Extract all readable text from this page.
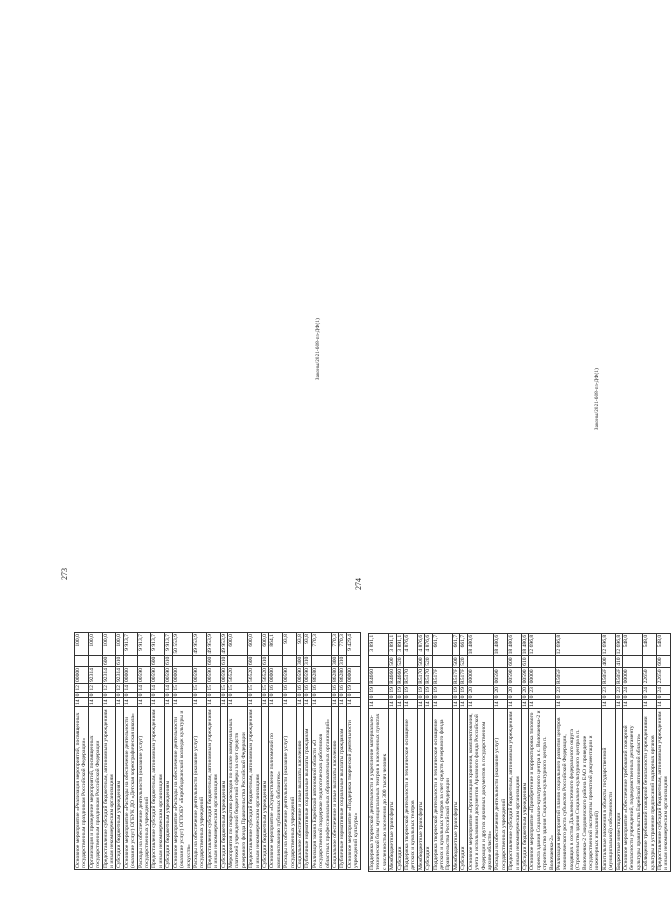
273
Основное мероприятие «Реализация мероприятий, посвященных государственным праздникам Российской Федерации»	14	0	12	00000		100,0
Организация и проведение мероприятий, посвященных государственным праздникам Российской Федерации	14	0	12	92314		100,0
Предоставление субсидий бюджетным, автономным учреждениям и иным некоммерческим организациям	14	0	12	92314	600	100,0
Субсидии бюджетным учреждениям	14	0	12	92314	610	100,0
Основное мероприятие «Расходы на обеспечение деятельности (оказание услуг) ОГБУК ДО «Детская хореографическая школа»	14	0	14	00000		9 913,7
Расходы на обеспечение деятельности (оказание услуг) государственных учреждений	14	0	14	00590		9 913,7
Предоставление субсидий бюджетным, автономным учреждениям и иным некоммерческим организациям	14	0	14	00590	600	9 913,7
Субсидии бюджетным учреждениям	14	0	14	00590	610	9 913,7
Основное мероприятие «Расходы на обеспечение деятельности (оказание услуг) ОГПОБУ «Биробиджанский колледж культуры и искусств»	14	0	15	00000		50 553,9
Расходы на обеспечение деятельности (оказание услуг) государственных учреждений	14	0	15	00590		49 953,9
Предоставление субсидий бюджетным, автономным учреждениям и иным некоммерческим организациям	14	0	15	00590	600	49 953,9
Субсидии бюджетным учреждениям	14	0	15	00590	610	49 953,9
Мероприятия по покрытию расходов по оплате коммунальных платежей учреждений бюджетной сферы за счет средств резервного фонда Правительства Российской Федерации	14	0	15	56520		600,0
Предоставление субсидий бюджетным, автономным учреждениям и иным некоммерческим организациям	14	0	15	56520	600	600,0
Субсидии бюджетным учреждениям	14	0	15	56520	610	600,0
Основное мероприятие «Осуществление полномочий по комплектованию публичных библиотек»	14	0	16	00000		864,1
Расходы на обеспечение деятельности (оказание услуг) государственных учреждений	14	0	16	00590		93,8
Социальное обеспечение и иные выплаты населению	14	0	16	00590	300	93,8
Публичные нормативные социальные выплаты гражданам	14	0	16	00590	310	93,8
Реализация закона Еврейской автономной области «О государственной поддержке педагогических работников областных профессиональных образовательных организаций»	14	0	16	86280		770,3
Социальное обеспечение и иные выплаты населению	14	0	16	86280	300	770,3
Публичные нормативные социальные выплаты гражданам	14	0	16	86280	310	770,3
Основное мероприятие «Поддержка творческой деятельности учреждений культуры»	14	0	19	00000		9 429,4
Законы/2021-608-пз-ДФ(1)
274
Поддержка творческой деятельности и укрепление материально-технической базы муниципальных театров в населенных пунктах с численностью населения до 300 тысяч человек	14	0	19	R4660		3 891,1
Межбюджетные трансферты	14	0	19	R4660	500	3 891,1
Субсидии	14	0	19	R4660	520	3 891,1
Поддержка творческой деятельности и техническое оснащение детских и кукольных театров	14	0	19	R5170		4 876,6
Межбюджетные трансферты	14	0	19	R5170	500	4 876,6
Субсидии	14	0	19	R5170	520	4 876,6
Поддержка творческой деятельности и техническое оснащение детских и кукольных театров за счет средств резервного фонда Правительства Российской Федерации	14	0	19	R517F		661,7
Межбюджетные трансферты	14	0	19	R517F	500	661,7
Субсидии	14	0	19	R517F	520	661,7
Основное мероприятие «Организация хранения, комплектования, учета и использования документов Архивного фонда Российской Федерации и других архивных документов в государственном архиве области»	14	0	20	00000		18 480,6
Расходы на обеспечение деятельности (оказание услуг) государственных учреждений	14	0	20	00590		18 480,6
Предоставление субсидий бюджетным, автономным учреждениям и иным некоммерческим организациям	14	0	20	00590	600	18 480,6
Субсидии бюджетным учреждениям	14	0	20	00590	610	18 480,6
Основное мероприятие «Приобретение и корректировка типового проекта здания Социально-культурного центра в с. Волочаевка-2 и строительство здания Социально-культурного центра п. Волочаевка-2»	14	0	23	00000		12 696,8
Реализация мероприятий планов социального развития центров экономического роста субъектов Российской Федерации, входящих в состав Дальневосточного федерального округа (Строительство здания Социально-культурного центра в п. Волочаевка-2 Смидовичского района ЕАО и проведение государственной экспертизы проектной документации и инженерных изысканий)	14	0	23	R505F		12 696,8
Капитальные вложения в объекты государственной (муниципальной) собственности	14	0	23	R505F	400	12 696,8
Бюджетные инвестиции	14	0	23	R505F	410	12 696,8
Основное мероприятие «Обеспечение требований пожарной безопасности учреждений, подведомственных департаменту культуры правительства Еврейской автономной области»	14	0	24	00000		548,0
Соблюдение требований пожарной безопасности учреждениями культуры и устранение предписаний надзорных органов	14	0	24	22650		548,0
Предоставление субсидий бюджетным, автономным учреждениям и иным некоммерческим организациям	14	0	24	22650	600	548,0
Законы/2021-608-пз-ДФ(1)
